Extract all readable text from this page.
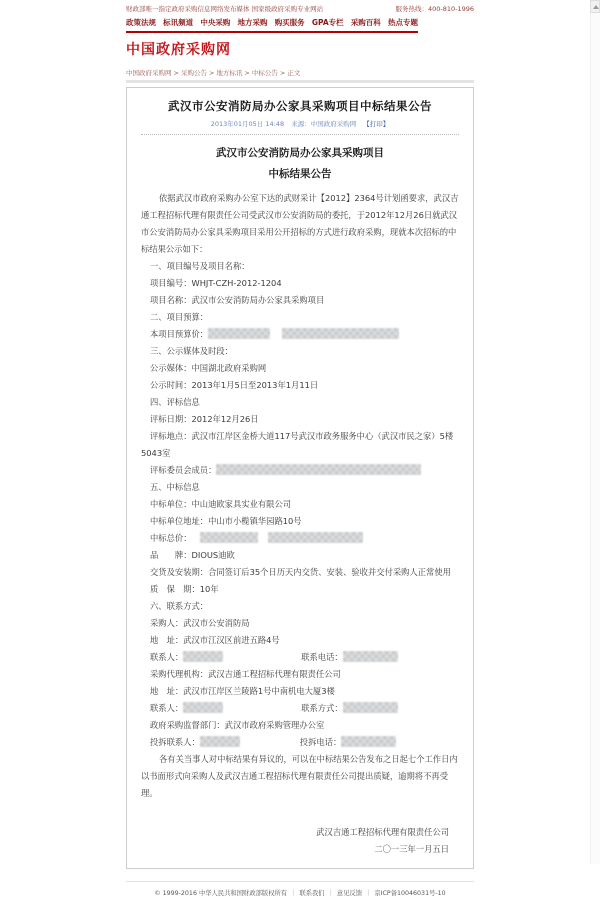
财政部唯一指定政府采购信息网络发布媒体 国家级政府采购专业网站	服务热线：400-810-1996
政策法规 标讯频道 中央采购 地方采购 购买服务 GPA专栏 采购百科 热点专题
中国政府采购网
中国政府采购网 > 采购公告 > 地方标讯 > 中标公告 > 正文
武汉市公安消防局办公家具采购项目中标结果公告
2013年01月05日 14:48 来源：中国政府采购网 【打印】
武汉市公安消防局办公家具采购项目
中标结果公告

依据武汉市政府采购办公室下达的武财采计【2012】2364号计划函要求，武汉吉通工程招标代理有限责任公司受武汉市公安消防局的委托，于2012年12月26日就武汉市公安消防局办公家具采购项目采用公开招标的方式进行政府采购，现就本次招标的中标结果公示如下：

一、项目编号及项目名称：

项目编号：WHJT-CZH-2012-1204

项目名称：武汉市公安消防局办公家具采购项目

二、项目预算：

本项目预算价：

三、公示媒体及时段：

公示媒体：中国湖北政府采购网

公示时间：2013年1月5日至2013年1月11日

四、评标信息

评标日期：2012年12月26日

评标地点：武汉市江岸区金桥大道117号武汉市政务服务中心（武汉市民之家）5楼5043室

评标委员会成员：

五、中标信息

中标单位：中山迪欧家具实业有限公司

中标单位地址：中山市小榄镇华园路10号

中标总价：

品　　牌：DIOUS迪欧

交货及安装期：合同签订后35个日历天内交货、安装、验收并交付采购人正常使用

质　保　期：10年

六、联系方式：

采购人：武汉市公安消防局

地　址：武汉市江汉区前进五路4号

联系人：	联系电话：

采购代理机构：武汉吉通工程招标代理有限责任公司

地　址：武汉市江岸区兰陵路1号中南机电大厦3楼

联系人：	联系方式：

政府采购监督部门：武汉市政府采购管理办公室

投拆联系人：	投拆电话：

各有关当事人对中标结果有异议的，可以在中标结果公告发布之日起七个工作日内以书面形式向采购人及武汉吉通工程招标代理有限责任公司提出质疑，逾期将不再受理。

武汉吉通工程招标代理有限责任公司

二〇一三年一月五日

© 1999-2016 中华人民共和国财政部版权所有 ｜ 联系我们 ｜ 意见反馈 ｜ 京ICP备10046031号-10
